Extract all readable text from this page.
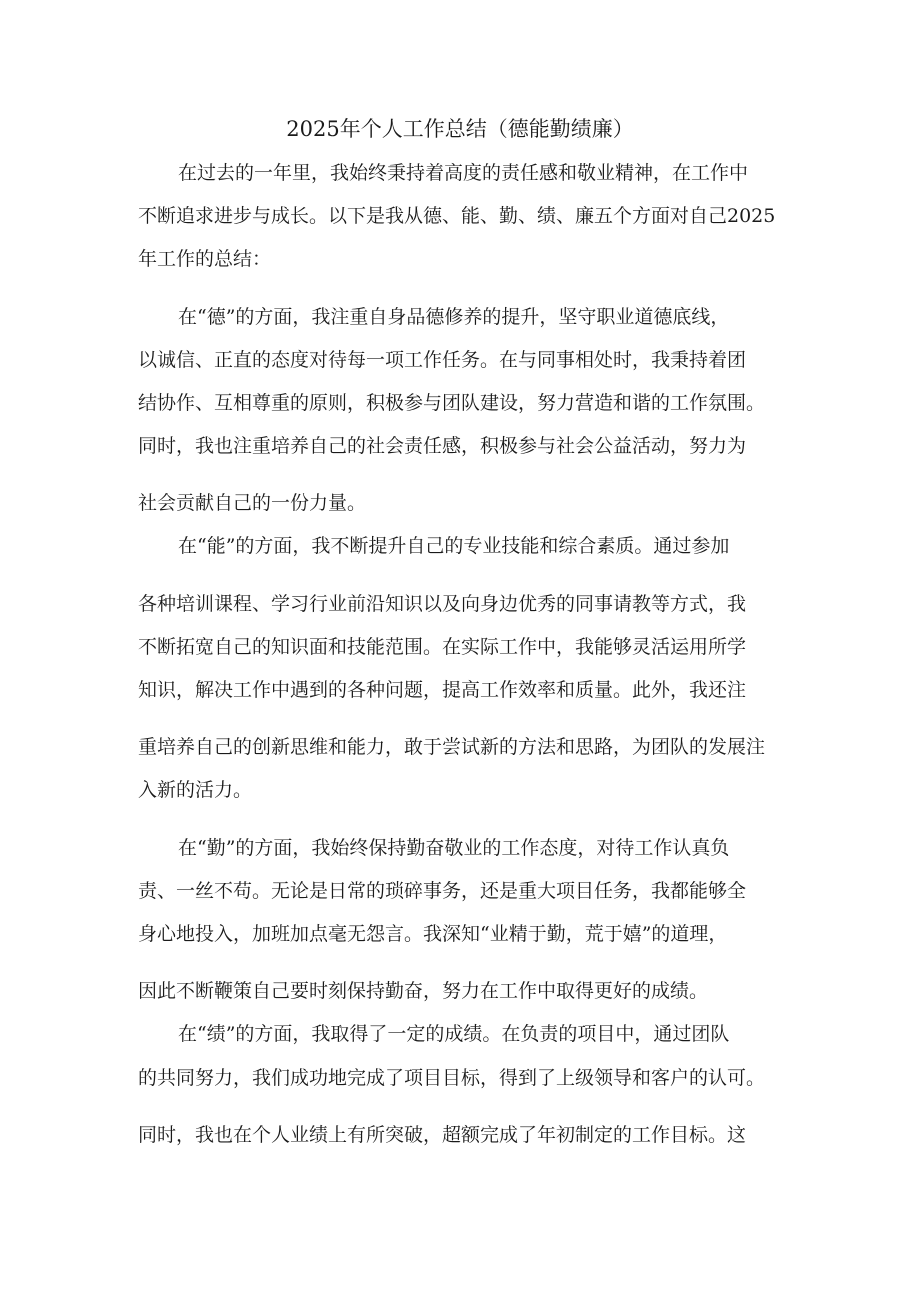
2025年个人工作总结（德能勤绩廉）
在过去的一年里，我始终秉持着高度的责任感和敬业精神，在工作中
不断追求进步与成长。以下是我从德、能、勤、绩、廉五个方面对自己2025
年工作的总结：
在“德”的方面，我注重自身品德修养的提升，坚守职业道德底线，
以诚信、正直的态度对待每一项工作任务。在与同事相处时，我秉持着团
结协作、互相尊重的原则，积极参与团队建设，努力营造和谐的工作氛围。
同时，我也注重培养自己的社会责任感，积极参与社会公益活动，努力为
社会贡献自己的一份力量。
在“能”的方面，我不断提升自己的专业技能和综合素质。通过参加
各种培训课程、学习行业前沿知识以及向身边优秀的同事请教等方式，我
不断拓宽自己的知识面和技能范围。在实际工作中，我能够灵活运用所学
知识，解决工作中遇到的各种问题，提高工作效率和质量。此外，我还注
重培养自己的创新思维和能力，敢于尝试新的方法和思路，为团队的发展注
入新的活力。
在“勤”的方面，我始终保持勤奋敬业的工作态度，对待工作认真负
责、一丝不苟。无论是日常的琐碎事务，还是重大项目任务，我都能够全
身心地投入，加班加点毫无怨言。我深知“业精于勤，荒于嬉”的道理，
因此不断鞭策自己要时刻保持勤奋，努力在工作中取得更好的成绩。
在“绩”的方面，我取得了一定的成绩。在负责的项目中，通过团队
的共同努力，我们成功地完成了项目目标，得到了上级领导和客户的认可。
同时，我也在个人业绩上有所突破，超额完成了年初制定的工作目标。这
